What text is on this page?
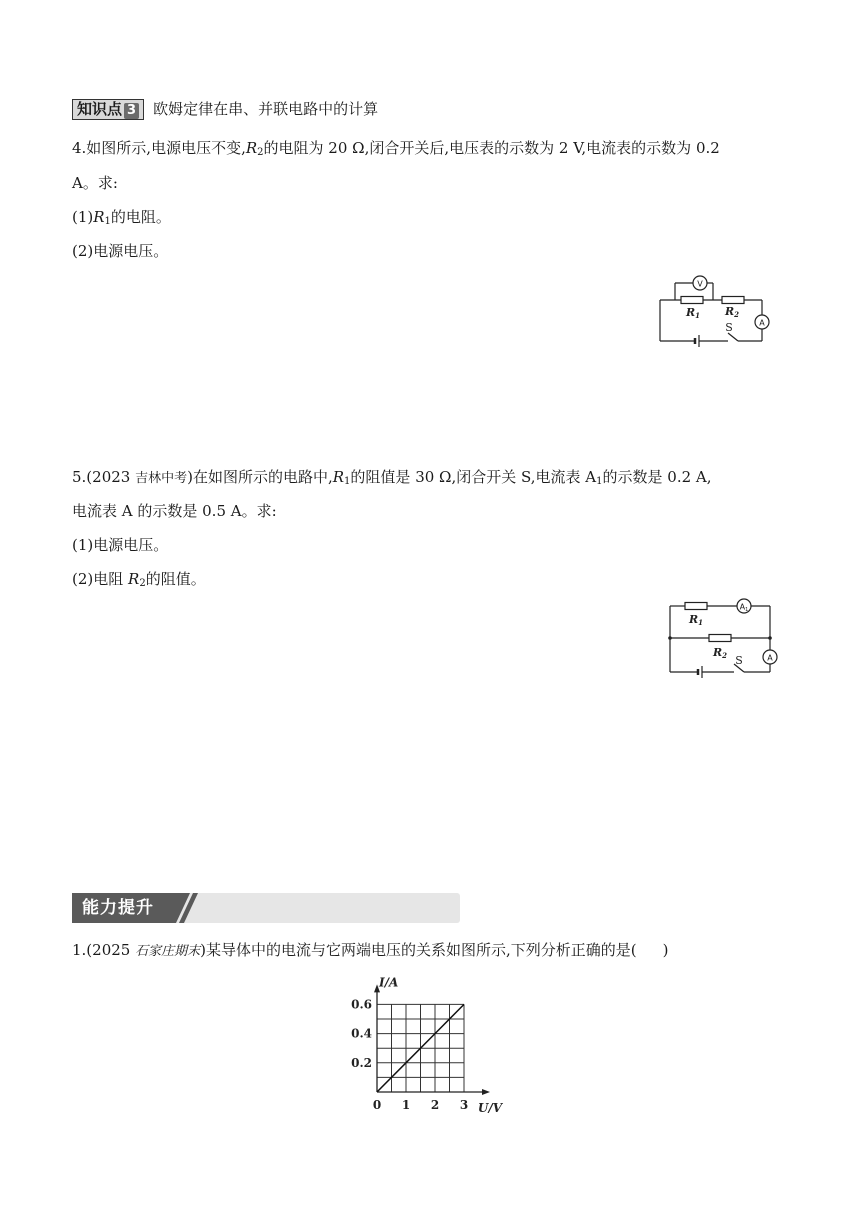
知识点 3 欧姆定律在串、并联电路中的计算
4.如图所示,电源电压不变$,R_2$的电阻为 20 Ω,闭合开关后,电压表的示数为 2 V,电流表的示数为 0.2
A。求:
$(1)R_1$的电阻。
(2)电源电压。
V
A
R1 R2
S
5.(2023 吉林中考)在如图所示的电路中$,R_1$的阻值是 30 Ω,闭合开关 S,电流表 $A_1$的示数是 0.2 A,
电流表 A 的示数是 0.5 A。求:
(1)电源电压。
(2)电阻 $R_2$的阻值。
A1
A
R1
R2 S
能力提升
1.(2025 石家庄期末)某导体中的电流与它两端电压的关系如图所示,下列分析正确的是( )
0 1 2 3
0.2
0.4
0.6
U/V
I/A
